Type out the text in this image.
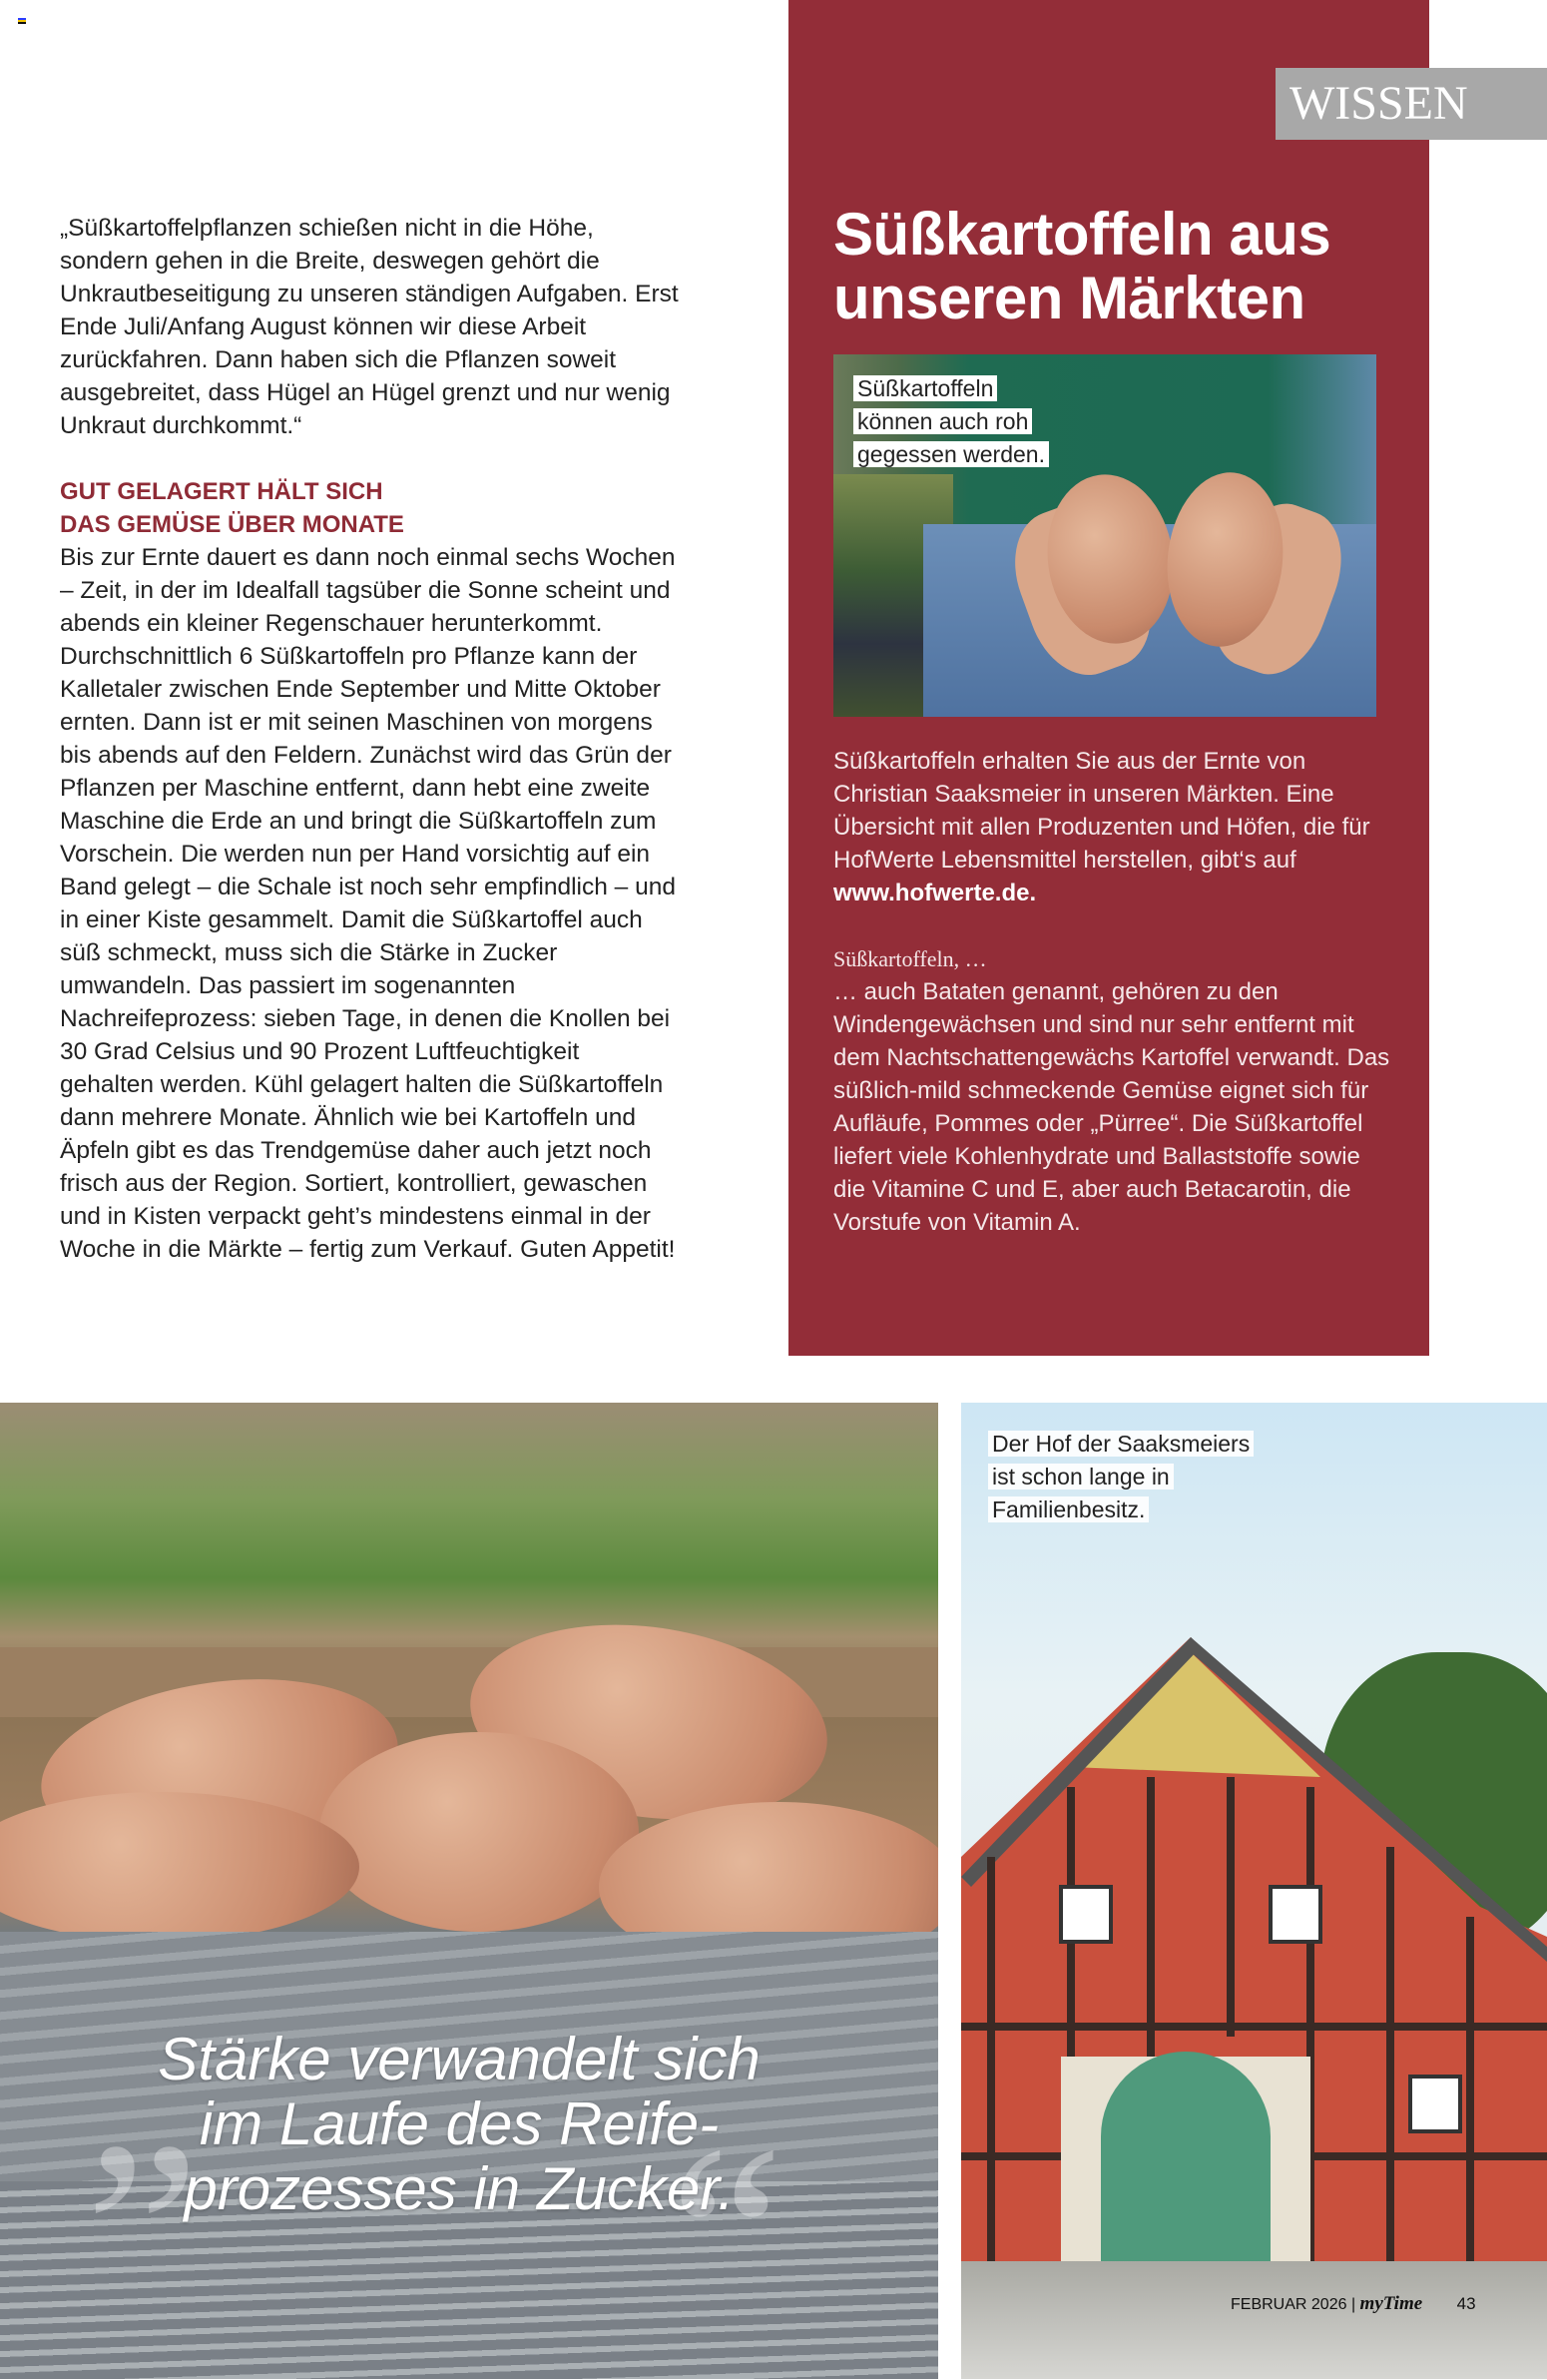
„Süßkartoffelpflanzen schießen nicht in die Höhe, sondern gehen in die Breite, deswegen gehört die Unkrautbeseitigung zu unseren ständigen Aufgaben. Erst Ende Juli/Anfang August können wir diese Arbeit zurückfahren. Dann haben sich die Pflanzen soweit ausgebreitet, dass Hügel an Hügel grenzt und nur wenig Unkraut durchkommt.“

GUT GELAGERT HÄLT SICH
DAS GEMÜSE ÜBER MONATE

Bis zur Ernte dauert es dann noch einmal sechs Wochen – Zeit, in der im Idealfall tagsüber die Sonne scheint und abends ein kleiner Regenschauer herunterkommt. Durchschnittlich 6 Süßkartoffeln pro Pflanze kann der Kalletaler zwischen Ende September und Mitte Oktober ernten. Dann ist er mit seinen Maschinen von morgens bis abends auf den Feldern. Zunächst wird das Grün der Pflanzen per Maschine entfernt, dann hebt eine zweite Maschine die Erde an und bringt die Süßkartoffeln zum Vorschein. Die werden nun per Hand vorsichtig auf ein Band gelegt – die Schale ist noch sehr empfindlich – und in einer Kiste gesammelt. Damit die Süßkartoffel auch süß schmeckt, muss sich die Stärke in Zucker umwandeln. Das passiert im sogenannten Nachreifeprozess: sieben Tage, in denen die Knollen bei 30 Grad Celsius und 90 Prozent Luftfeuchtigkeit gehalten werden. Kühl gelagert halten die Süßkartoffeln dann mehrere Monate. Ähnlich wie bei Kartoffeln und Äpfeln gibt es das Trendgemüse daher auch jetzt noch frisch aus der Region. Sortiert, kontrolliert, gewaschen und in Kisten verpackt geht’s mindestens einmal in der Woche in die Märkte – fertig zum Verkauf. Guten Appetit!

WISSEN
Süßkartoffeln aus
unseren Märkten
Süßkartoffeln
können auch roh
gegessen werden.
Süßkartoffeln erhalten Sie aus der Ernte von Christian Saaksmeier in unseren Märkten. Eine Übersicht mit allen Produzenten und Höfen, die für HofWerte Lebensmittel herstellen, gibt‘s auf
www.hofwerte.de.
Süßkartoffeln, …
… auch Bataten genannt, gehören zu den Windengewächsen und sind nur sehr entfernt mit dem Nachtschattengewächs Kartoffel verwandt. Das süßlich-mild schmeckende Gemüse eignet sich für Aufläufe, Pommes oder „Pürree“. Die Süßkartoffel liefert viele Kohlenhydrate und Ballaststoffe sowie die Vitamine C und E, aber auch Betacarotin, die Vorstufe von Vitamin A.
„
“
Stärke verwandelt sich
im Laufe des Reife-
prozesses in Zucker.
Der Hof der Saaksmeiers
ist schon lange in
Familienbesitz.
FEBRUAR 2026 | myTime 43
